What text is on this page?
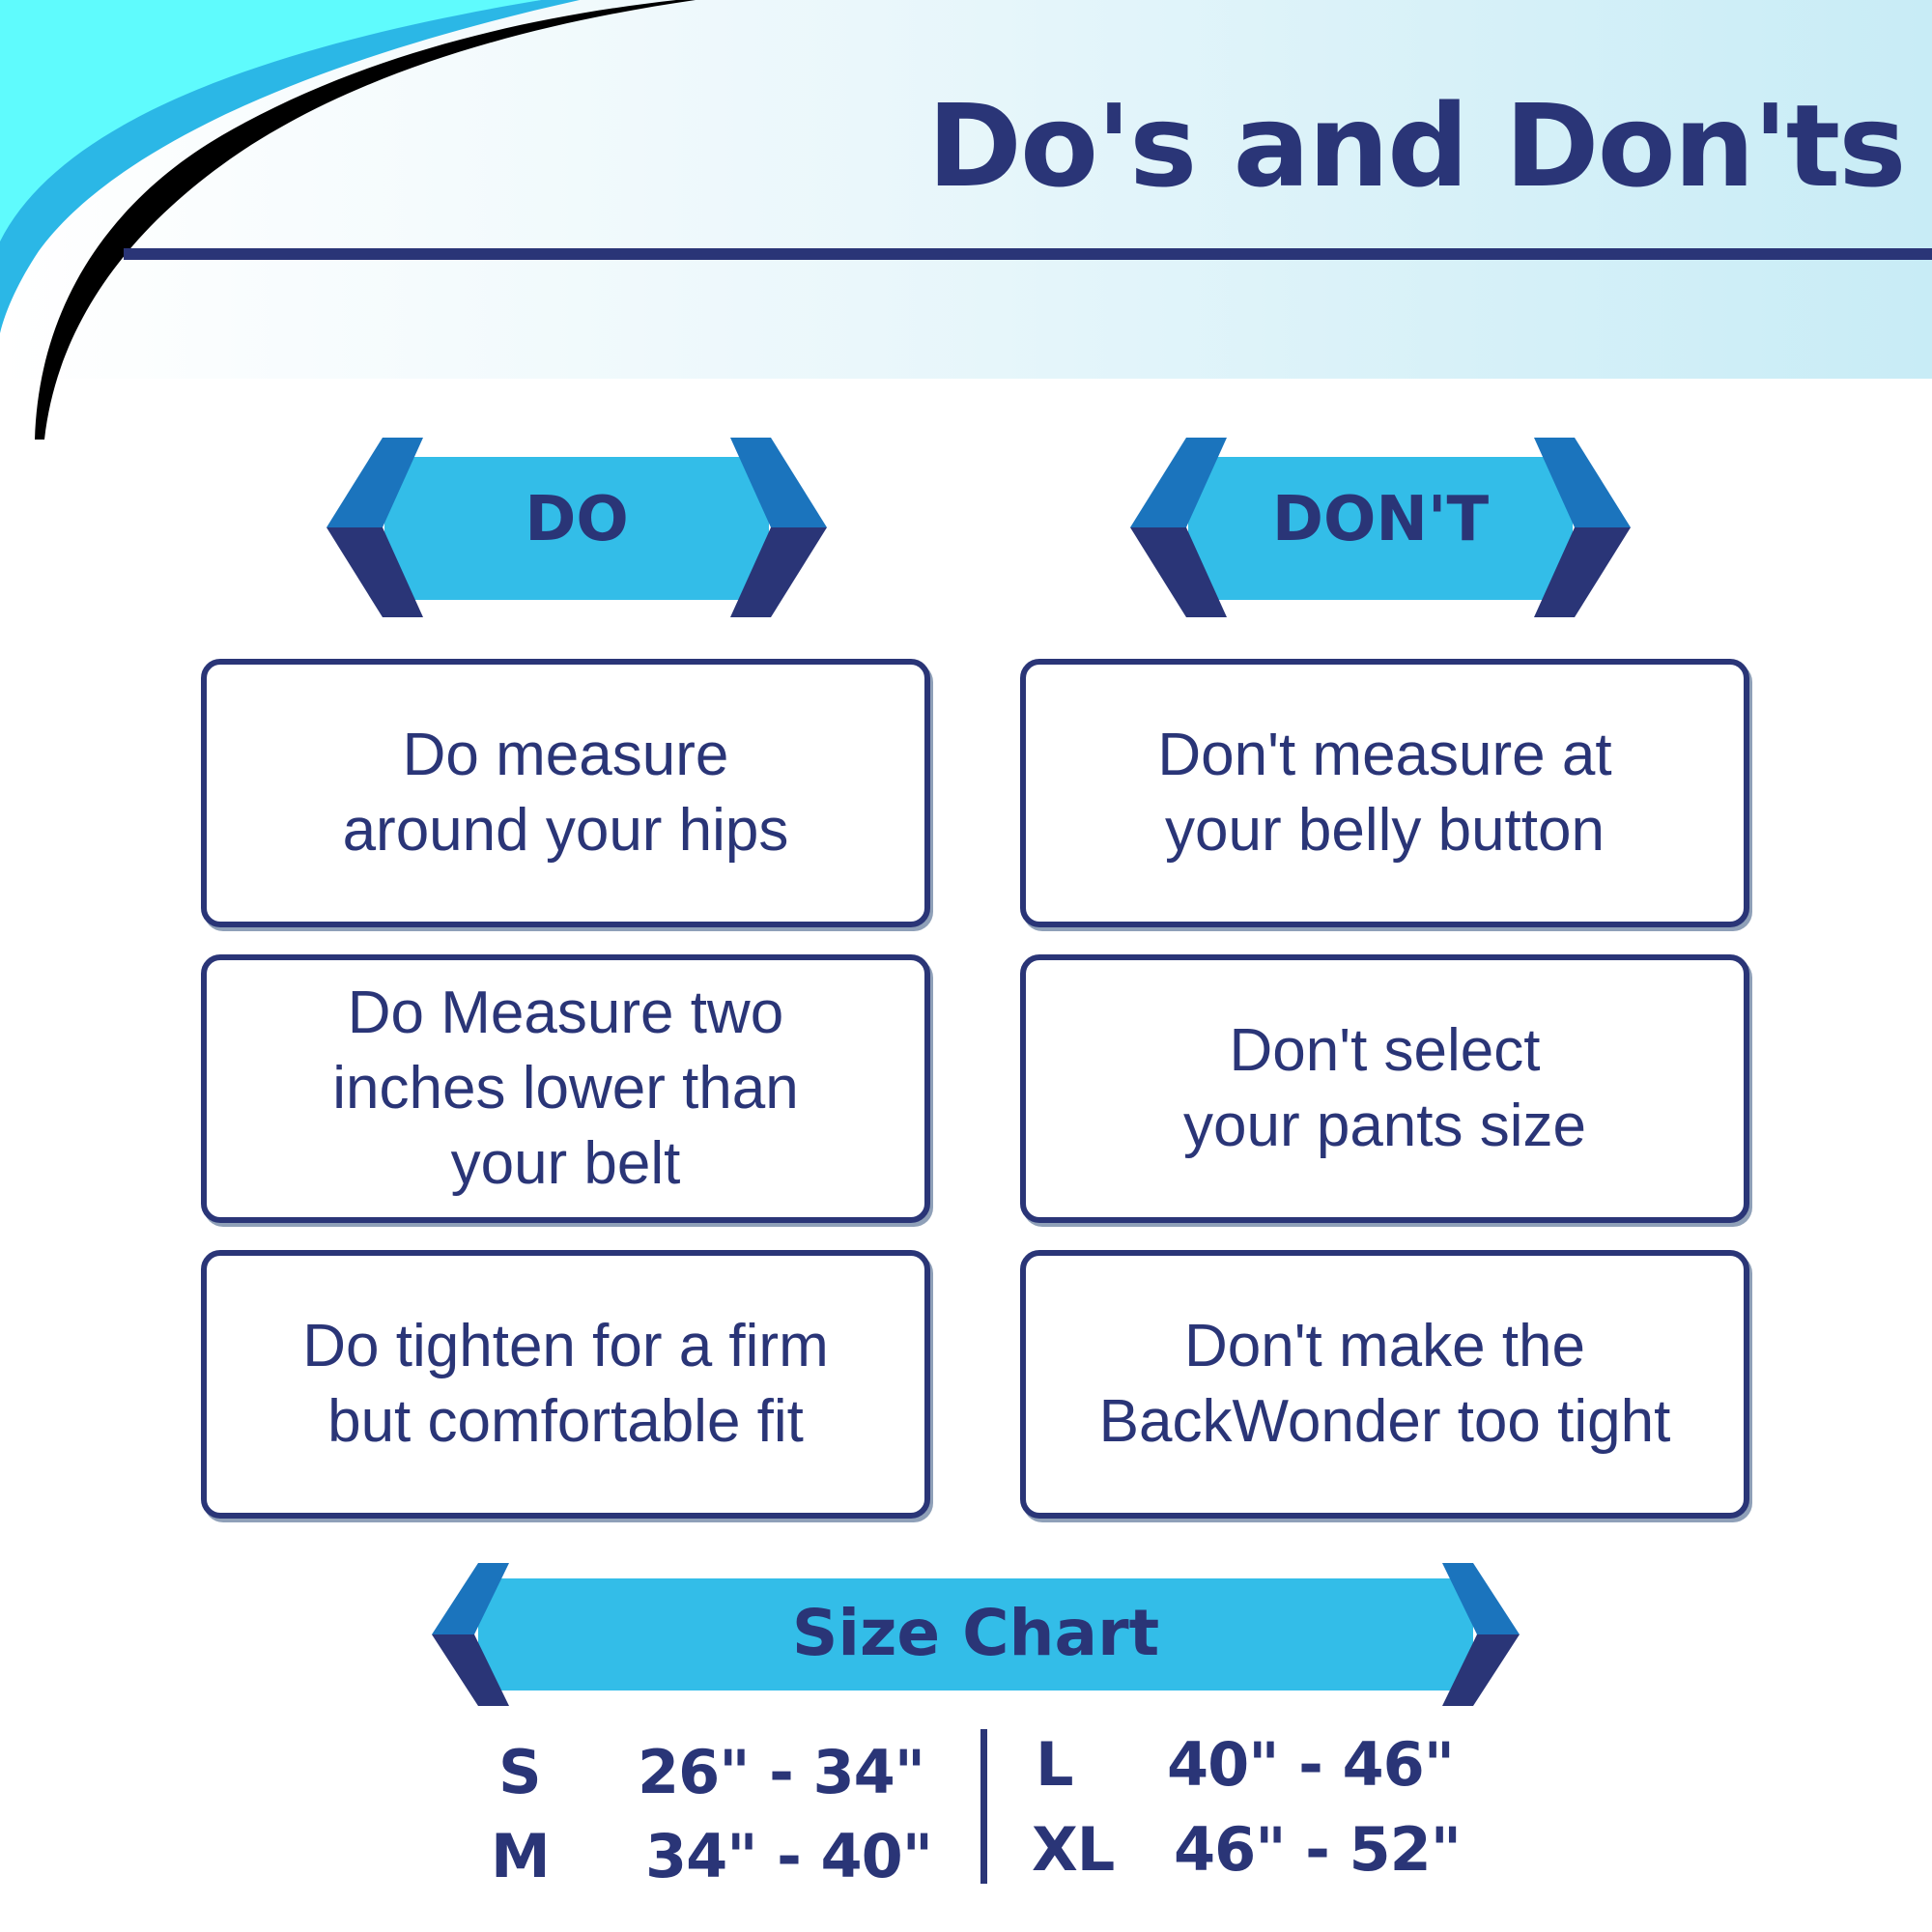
Do's and Don'ts
DO	DON'T
Do measure
around your hips
Do Measure two
inches lower than
your belt
Do tighten for a firm
but comfortable fit
Don't measure at
your belly button
Don't select
your pants size
Don't make the
BackWonder too tight
Size Chart
S 26" - 34"
M 34" - 40"
L 40" - 46"
XL 46" - 52"
